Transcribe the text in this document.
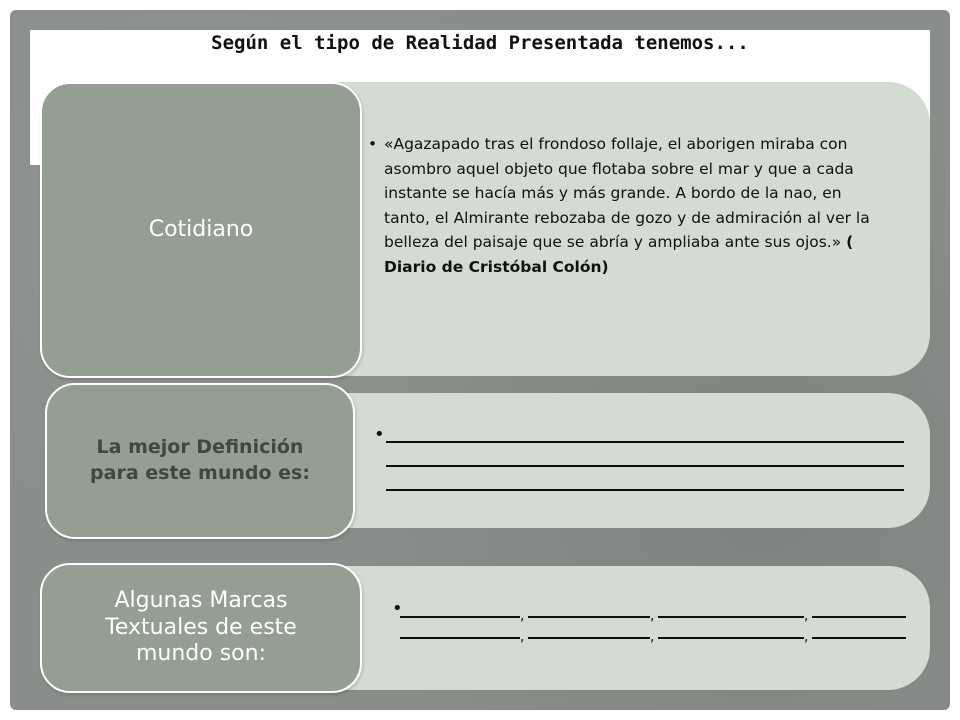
Según el tipo de Realidad Presentada tenemos...
Cotidiano
• «Agazapado tras el frondoso follaje, el aborigen miraba con asombro aquel objeto que flotaba sobre el mar y que a cada instante se hacía más y más grande. A bordo de la nao, en tanto, el Almirante rebozaba de gozo y de admiración al ver la belleza del paisaje que se abría y ampliaba ante sus ojos.» ( Diario de Cristóbal Colón)
La mejor Definición
para este mundo es:
•
Algunas Marcas Textuales de este mundo son:
•	,	,	,
,	,	,
